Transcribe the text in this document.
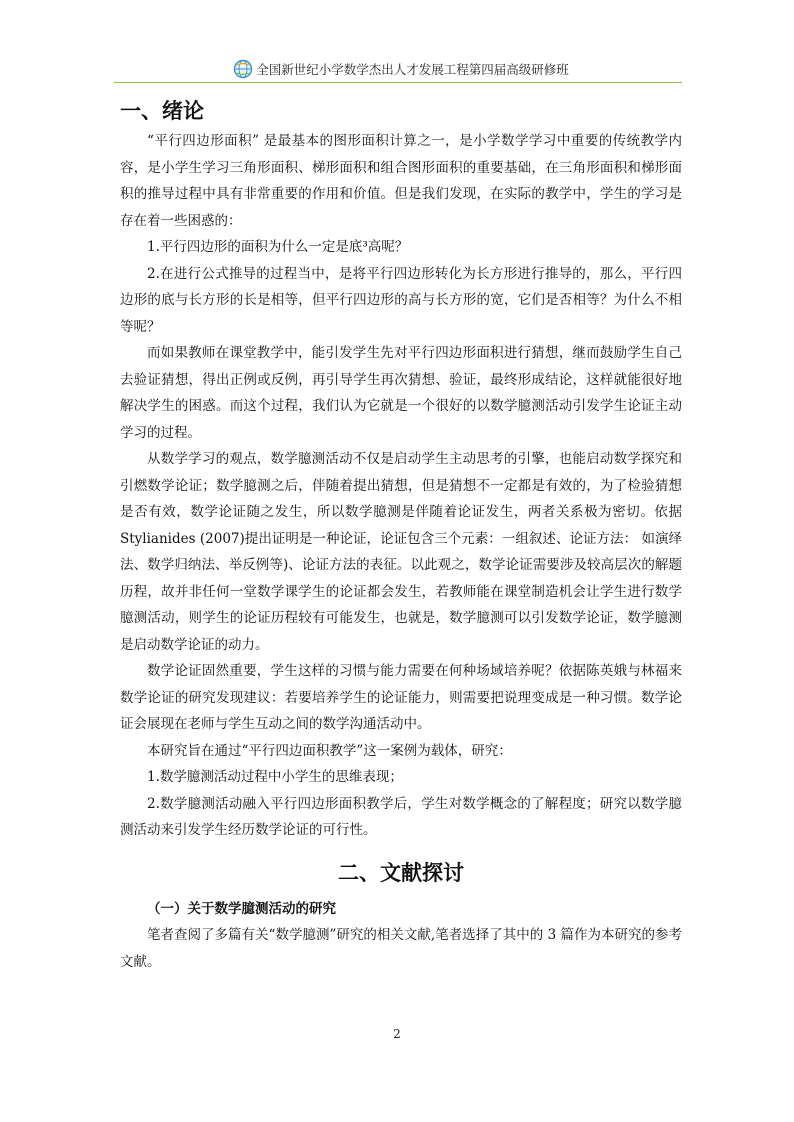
全国新世纪小学数学杰出人才发展工程第四届高级研修班
一、绪论

“平行四边形面积” 是最基本的图形面积计算之一，是小学数学学习中重要的传统教学内容，是小学生学习三角形面积、梯形面积和组合图形面积的重要基础，在三角形面积和梯形面积的推导过程中具有非常重要的作用和价值。但是我们发现，在实际的教学中，学生的学习是存在着一些困惑的：

1.平行四边形的面积为什么一定是底³高呢？

2.在进行公式推导的过程当中，是将平行四边形转化为长方形进行推导的，那么，平行四边形的底与长方形的长是相等，但平行四边形的高与长方形的宽，它们是否相等？为什么不相等呢？

而如果教师在课堂教学中，能引发学生先对平行四边形面积进行猜想，继而鼓励学生自己去验证猜想，得出正例或反例，再引导学生再次猜想、验证，最终形成结论，这样就能很好地解决学生的困惑。而这个过程，我们认为它就是一个很好的以数学臆测活动引发学生论证主动学习的过程。

从数学学习的观点，数学臆测活动不仅是启动学生主动思考的引擎，也能启动数学探究和引燃数学论证；数学臆测之后，伴随着提出猜想，但是猜想不一定都是有效的，为了检验猜想是否有效，数学论证随之发生，所以数学臆测是伴随着论证发生，两者关系极为密切。依据Stylianides (2007)提出证明是一种论证，论证包含三个元素：一组叙述、论证方法： 如演绎法、数学归纳法、举反例等)、论证方法的表征。以此观之，数学论证需要涉及较高层次的解题历程，故并非任何一堂数学课学生的论证都会发生，若教师能在课堂制造机会让学生进行数学臆测活动，则学生的论证历程较有可能发生，也就是，数学臆测可以引发数学论证，数学臆测是启动数学论证的动力。

数学论证固然重要，学生这样的习惯与能力需要在何种场域培养呢？依据陈英娥与林福来数学论证的研究发现建议：若要培养学生的论证能力，则需要把说理变成是一种习惯。数学论证会展现在老师与学生互动之间的数学沟通活动中。

本研究旨在通过“平行四边面积教学”这一案例为载体，研究：

1.数学臆测活动过程中小学生的思维表现；

2.数学臆测活动融入平行四边形面积教学后，学生对数学概念的了解程度；研究以数学臆测活动来引发学生经历数学论证的可行性。

二、文献探讨
（一）关于数学臆测活动的研究

笔者查阅了多篇有关“数学臆测”研究的相关文献,笔者选择了其中的 3 篇作为本研究的参考文献。

2
